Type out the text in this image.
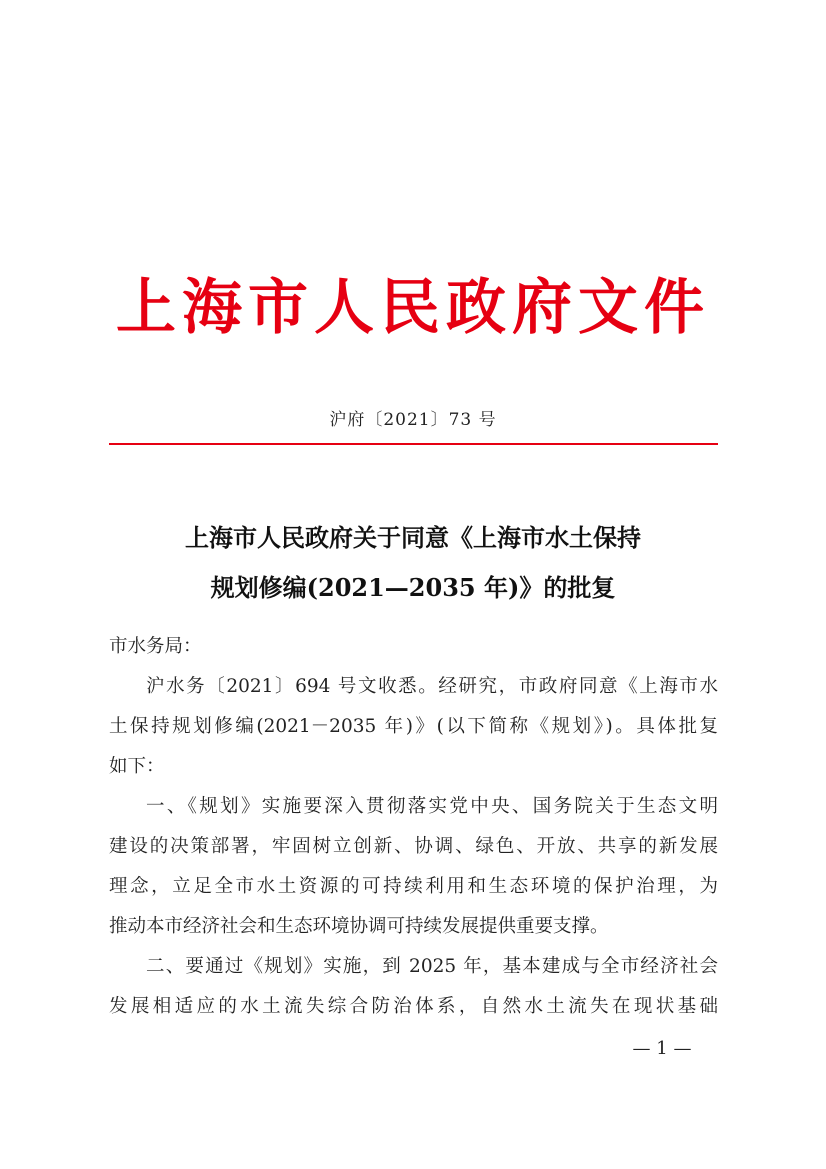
上海市人民政府文件
沪府〔2021〕73 号
上海市人民政府关于同意《上海市水土保持
规划修编(2021—2035 年)》的批复
市水务局：
沪水务〔2021〕694 号文收悉。经研究，市政府同意《上海市水
土保持规划修编(2021－2035 年)》(以下简称《规划》)。具体批复
如下：
一、《规划》实施要深入贯彻落实党中央、国务院关于生态文明
建设的决策部署，牢固树立创新、协调、绿色、开放、共享的新发展
理念，立足全市水土资源的可持续利用和生态环境的保护治理，为
推动本市经济社会和生态环境协调可持续发展提供重要支撑。
二、要通过《规划》实施，到 2025 年，基本建成与全市经济社会
发展相适应的水土流失综合防治体系，自然水土流失在现状基础
— 1 —
